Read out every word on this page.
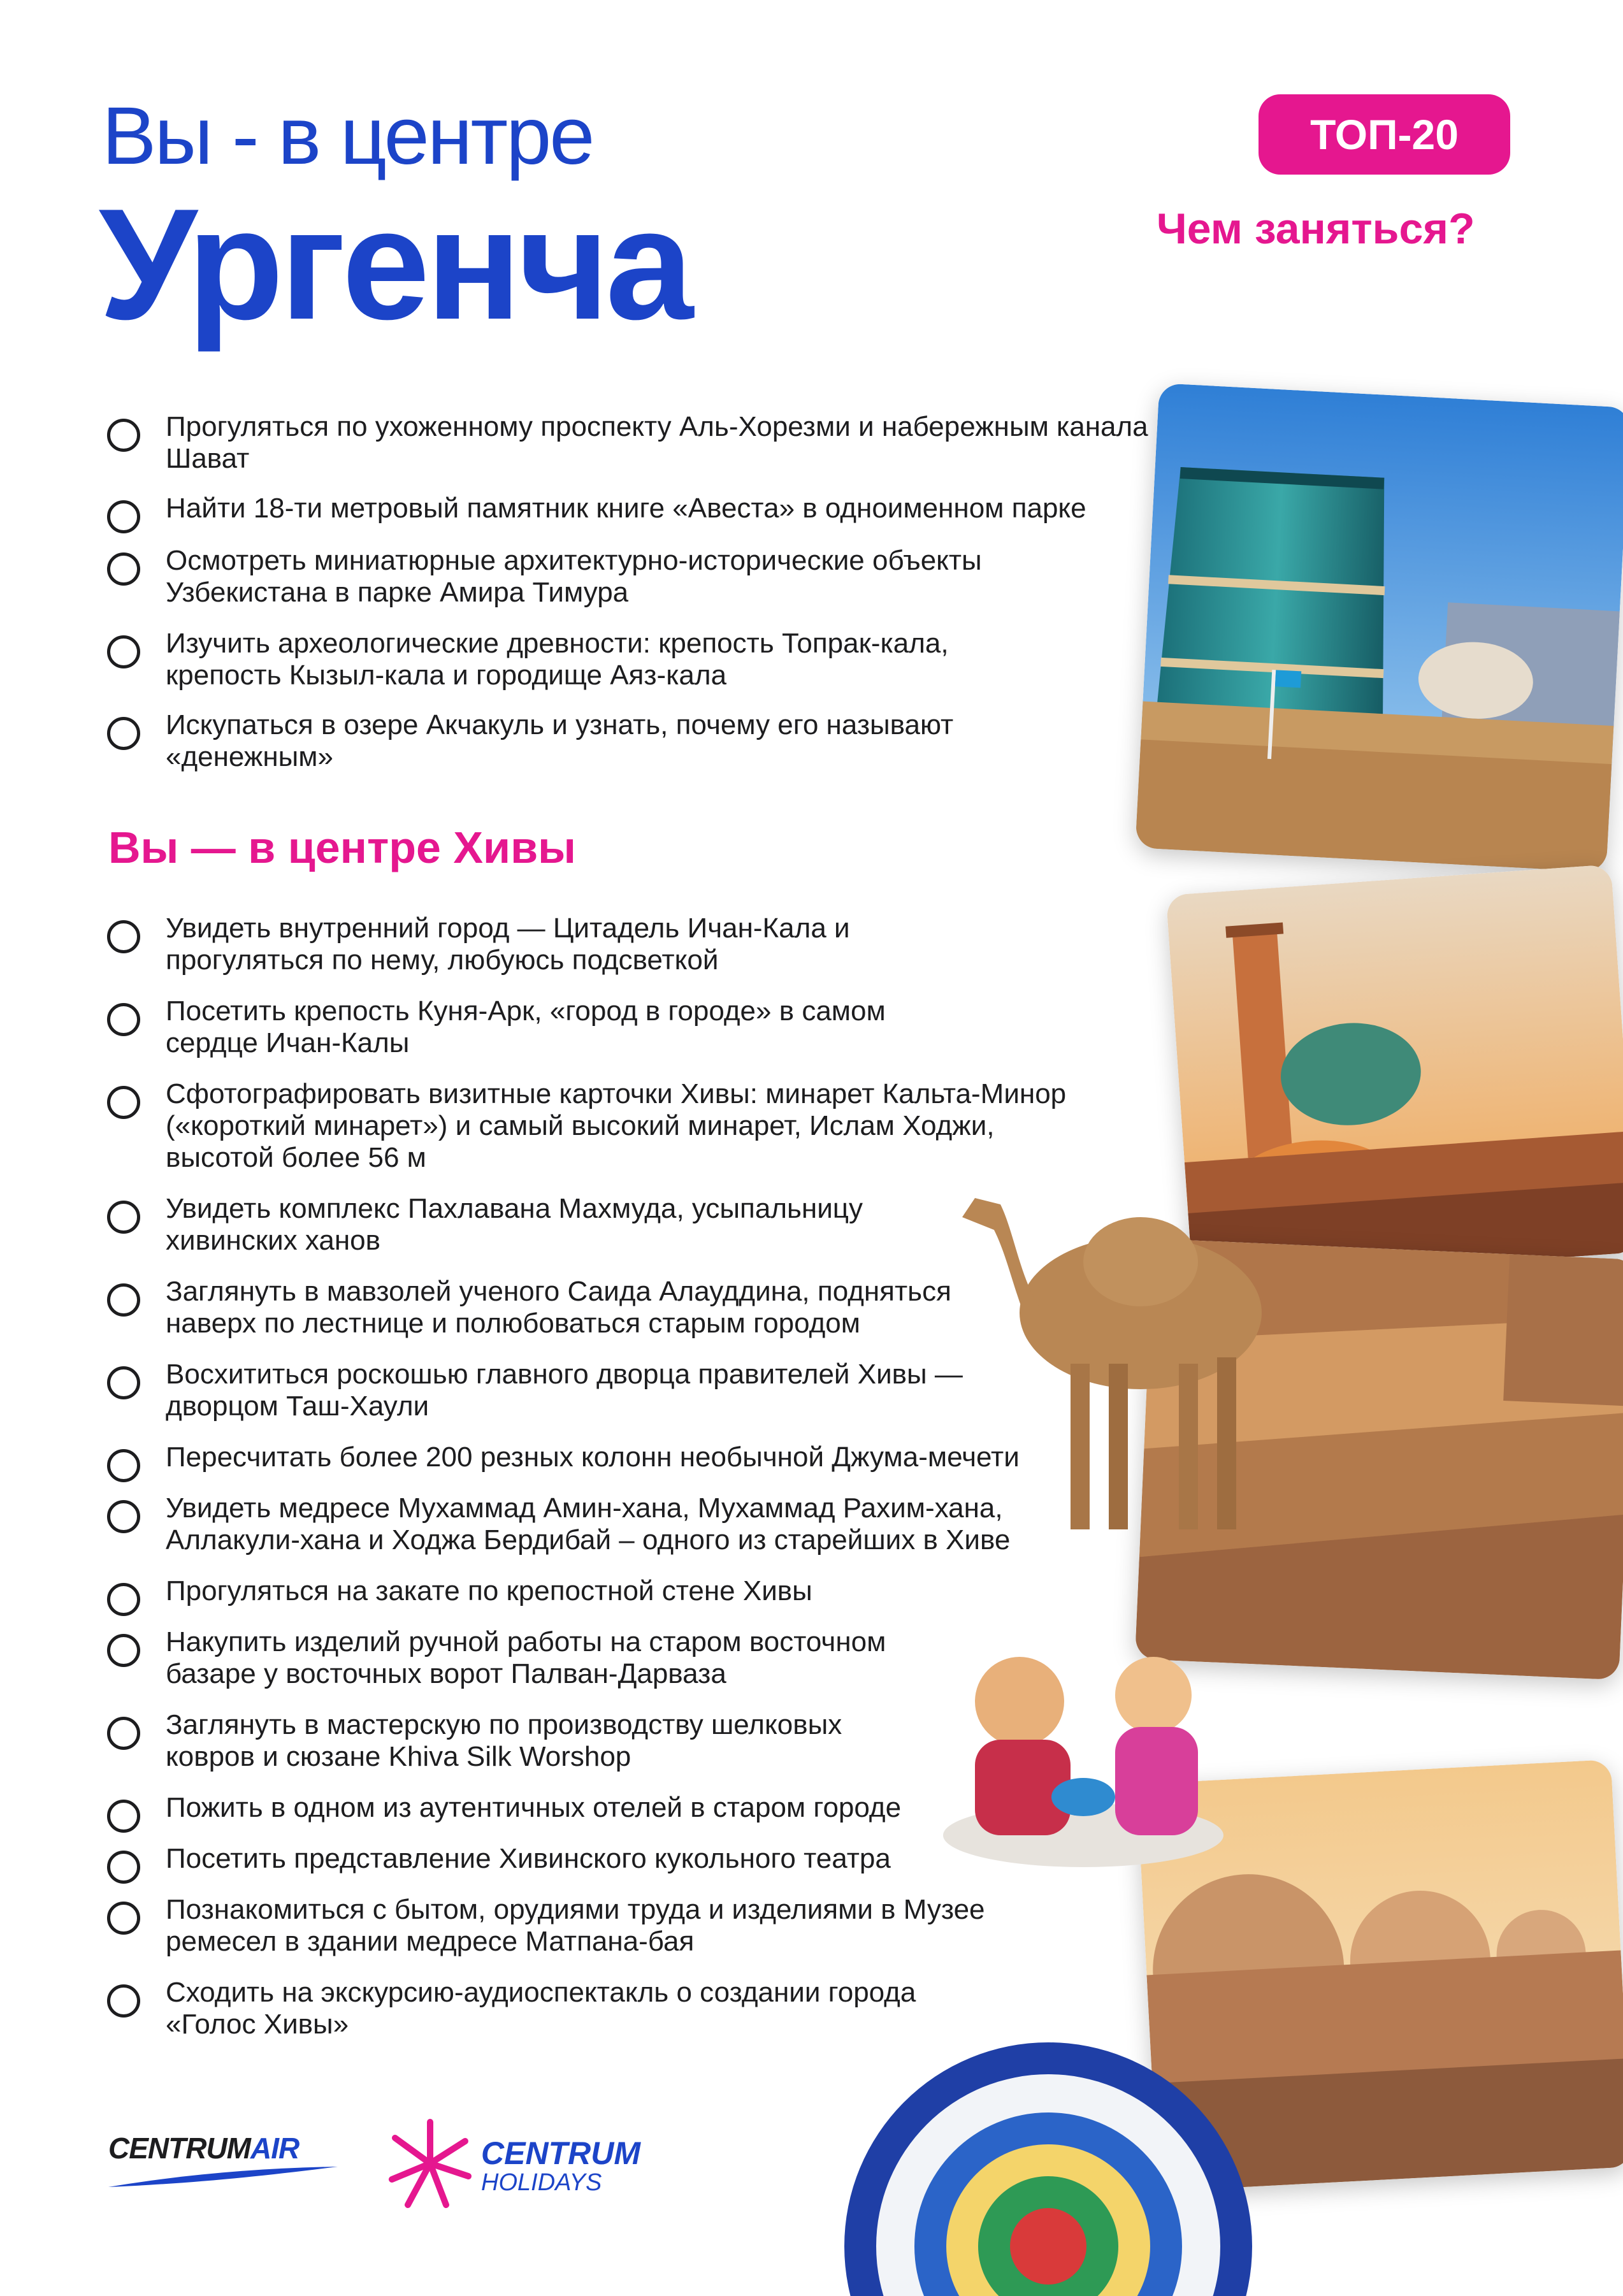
Вы - в центре
Ургенча
ТОП-20
Чем заняться?
Прогуляться по ухоженному проспекту Аль-Хорезми и набережным канала Шават
Найти 18-ти метровый памятник книге «Авеста» в одноименном парке
Осмотреть миниатюрные архитектурно-исторические объекты Узбекистана в парке Амира Тимура
Изучить археологические древности: крепость Топрак-кала, крепость Кызыл-кала и городище Аяз-кала
Искупаться в озере Акчакуль и узнать, почему его называют «денежным»
Вы — в центре Хивы
Увидеть внутренний город — Цитадель Ичан-Кала и прогуляться по нему, любуюсь подсветкой
Посетить крепость Куня-Арк, «город в городе» в самом сердце Ичан-Калы
Сфотографировать визитные карточки Хивы: минарет Кальта-Минор («короткий минарет») и самый высокий минарет, Ислам Ходжи, высотой более 56 м
Увидеть комплекс Пахлавана Махмуда, усыпальницу хивинских ханов
Заглянуть в мавзолей ученого Саида Алауддина, подняться наверх по лестнице и полюбоваться старым городом
Восхититься роскошью главного дворца правителей Хивы — дворцом Таш-Хаули
Пересчитать более 200 резных колонн необычной Джума-мечети
Увидеть медресе Мухаммад Амин-хана, Мухаммад Рахим-хана, Аллакули-хана и Ходжа Бердибай – одного из старейших в Хиве
Прогуляться на закате по крепостной стене Хивы
Накупить изделий ручной работы на старом восточном базаре у восточных ворот Палван-Дарваза
Заглянуть в мастерскую по производству шелковых ковров и сюзане Khiva Silk Worshop
Пожить в одном из аутентичных отелей в старом городе
Посетить представление Хивинского кукольного театра
Познакомиться с бытом, орудиями труда и изделиями в Музее ремесел в здании медресе Матпана-бая
Сходить на экскурсию-аудиоспектакль о создании города «Голос Хивы»
CENTRUMAIR	CENTRUM
HOLIDAYS
